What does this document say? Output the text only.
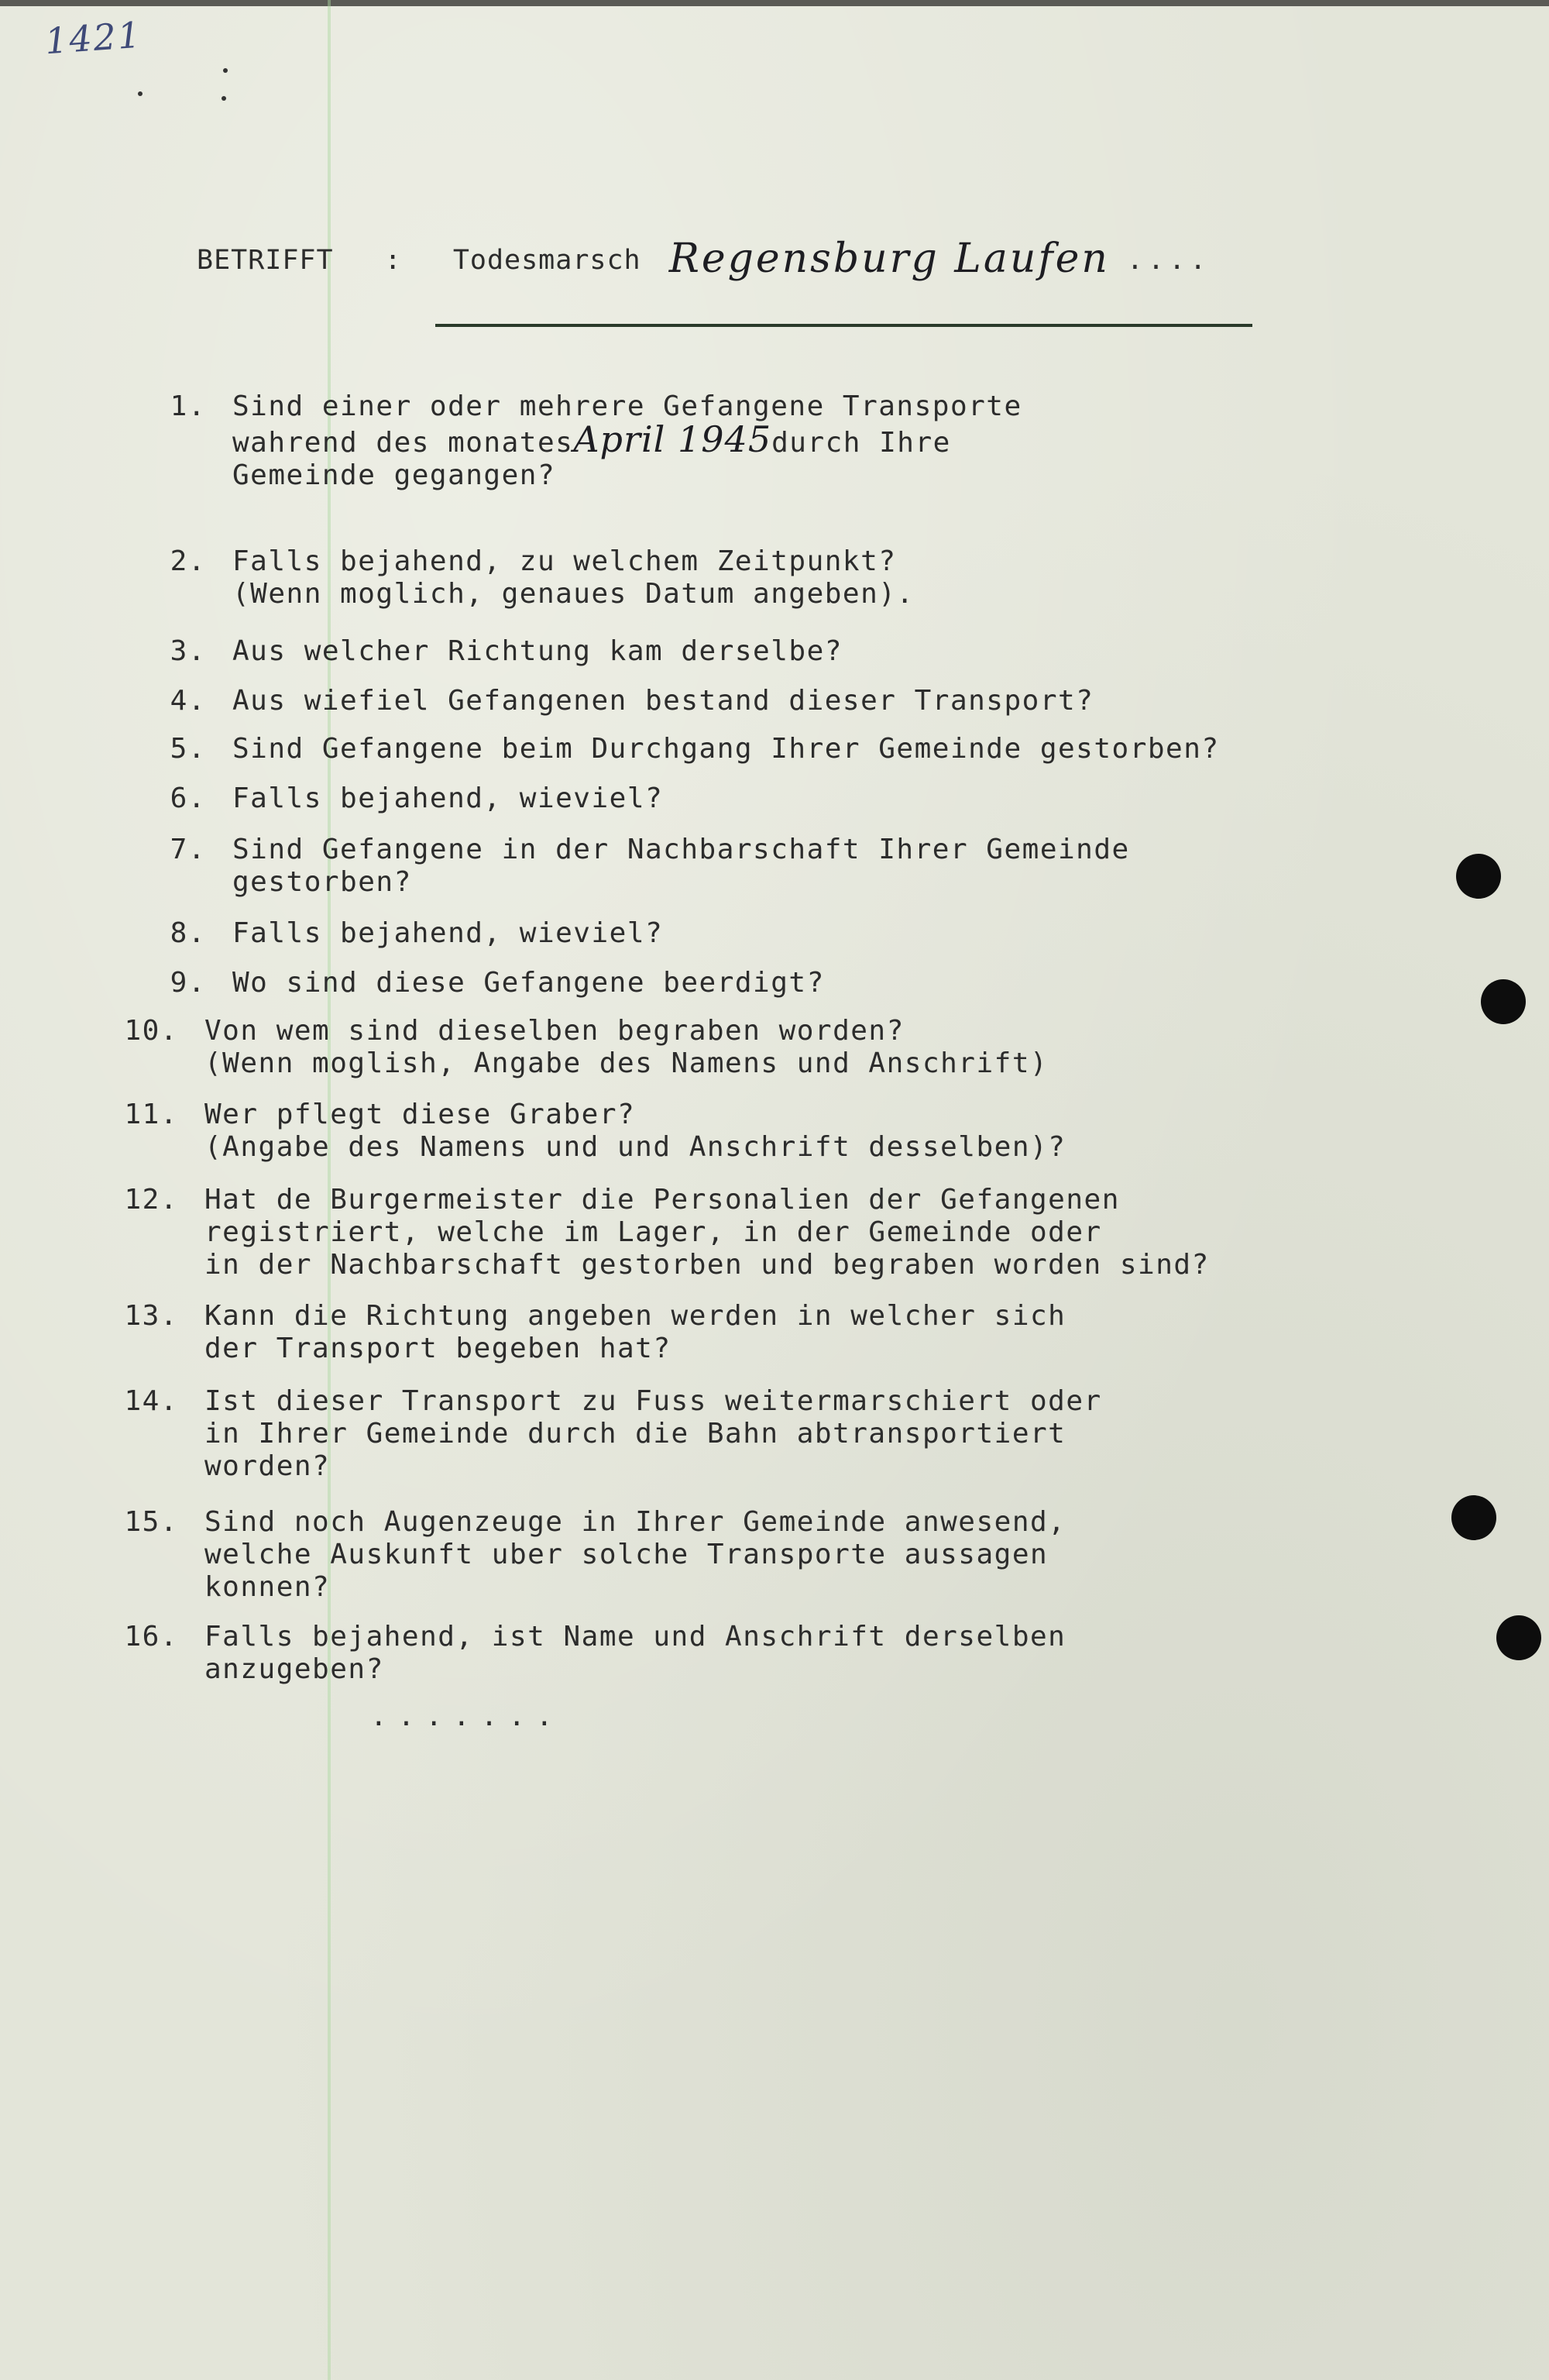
1421
BETRIFFT : Todesmarsch Regensburg Laufen ....
1. Sind einer oder mehrere Gefangene Transporte
wahrend des monatesApril 1945durch Ihre
Gemeinde gegangen?
2. Falls bejahend, zu welchem Zeitpunkt?
(Wenn moglich, genaues Datum angeben).
3. Aus welcher Richtung kam derselbe?
4. Aus wiefiel Gefangenen bestand dieser Transport?
5. Sind Gefangene beim Durchgang Ihrer Gemeinde gestorben?
6. Falls bejahend, wieviel?
7. Sind Gefangene in der Nachbarschaft Ihrer Gemeinde
gestorben?
8. Falls bejahend, wieviel?
9. Wo sind diese Gefangene beerdigt?
10. Von wem sind dieselben begraben worden?
(Wenn moglish, Angabe des Namens und Anschrift)
11. Wer pflegt diese Graber?
(Angabe des Namens und und Anschrift desselben)?
12. Hat de Burgermeister die Personalien der Gefangenen
registriert, welche im Lager, in der Gemeinde oder
in der Nachbarschaft gestorben und begraben worden sind?
13. Kann die Richtung angeben werden in welcher sich
der Transport begeben hat?
14. Ist dieser Transport zu Fuss weitermarschiert oder
in Ihrer Gemeinde durch die Bahn abtransportiert
worden?
15. Sind noch Augenzeuge in Ihrer Gemeinde anwesend,
welche Auskunft uber solche Transporte aussagen
konnen?
16. Falls bejahend, ist Name und Anschrift derselben
anzugeben?
.......
